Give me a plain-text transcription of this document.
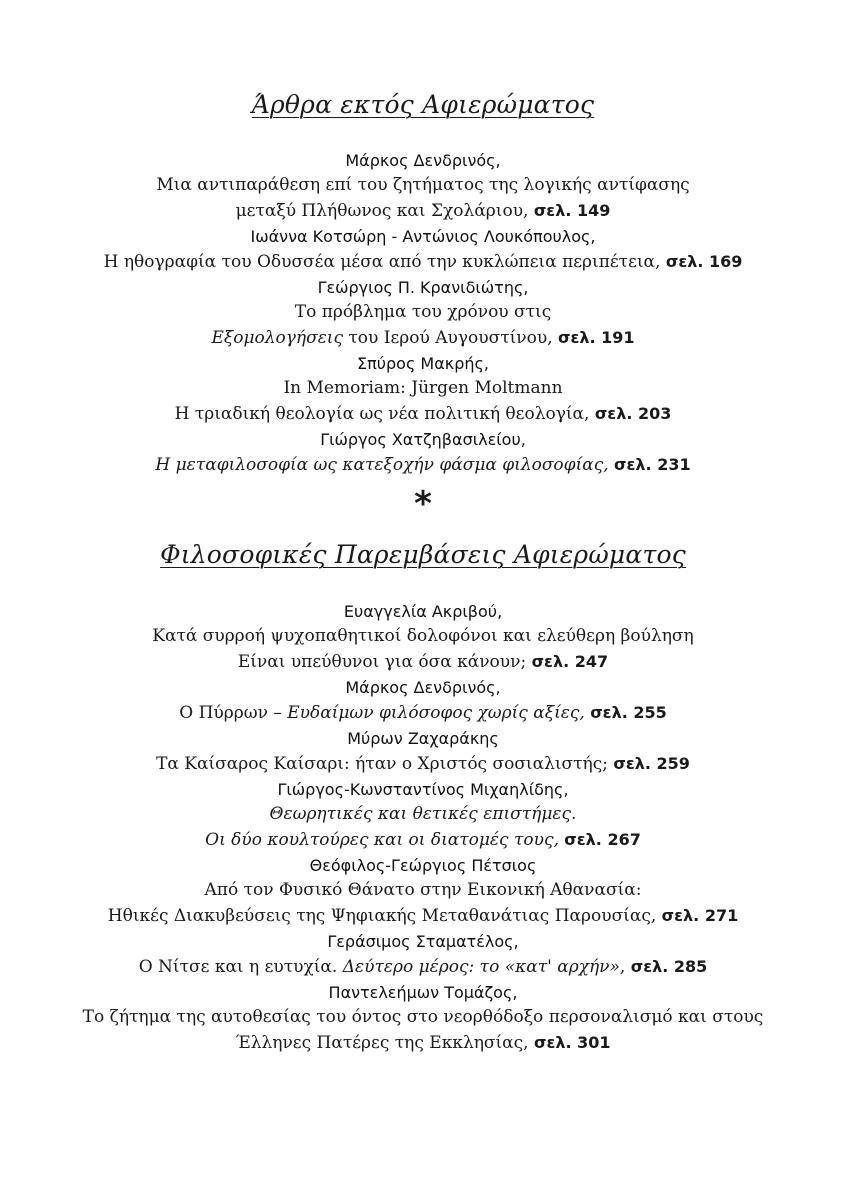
Άρθρα εκτός Αφιερώματος
Μάρκος Δενδρινός,
Μια αντιπαράθεση επί του ζητήματος της λογικής αντίφασης
μεταξύ Πλήθωνος και Σχολάριου, σελ. 149
Ιωάννα Κοτσώρη - Αντώνιος Λουκόπουλος,
Η ηθογραφία του Οδυσσέα μέσα από την κυκλώπεια περιπέτεια, σελ. 169
Γεώργιος Π. Κρανιδιώτης,
Το πρόβλημα του χρόνου στις
Εξομολογήσεις του Ιερού Αυγουστίνου, σελ. 191
Σπύρος Μακρής,
In Memoriam: Jürgen Moltmann
Η τριαδική θεολογία ως νέα πολιτική θεολογία, σελ. 203
Γιώργος Χατζηβασιλείου,
Η μεταφιλοσοφία ως κατεξοχήν φάσμα φιλοσοφίας, σελ. 231
*
Φιλοσοφικές Παρεμβάσεις Αφιερώματος
Ευαγγελία Ακριβού,
Κατά συρροή ψυχοπαθητικοί δολοφόνοι και ελεύθερη βούληση
Είναι υπεύθυνοι για όσα κάνουν; σελ. 247
Μάρκος Δενδρινός,
Ο Πύρρων – Ευδαίμων φιλόσοφος χωρίς αξίες, σελ. 255
Μύρων Ζαχαράκης
Τα Καίσαρος Καίσαρι: ήταν ο Χριστός σοσιαλιστής; σελ. 259
Γιώργος-Κωνσταντίνος Μιχαηλίδης,
Θεωρητικές και θετικές επιστήμες.
Οι δύο κουλτούρες και οι διατομές τους, σελ. 267
Θεόφιλος-Γεώργιος Πέτσιος
Από τον Φυσικό Θάνατο στην Εικονική Αθανασία:
Ηθικές Διακυβεύσεις της Ψηφιακής Μεταθανάτιας Παρουσίας, σελ. 271
Γεράσιμος Σταματέλος,
Ο Νίτσε και η ευτυχία. Δεύτερο μέρος: το «κατ' αρχήν», σελ. 285
Παντελεήμων Τομάζος,
Το ζήτημα της αυτοθεσίας του όντος στο νεορθόδοξο περσοναλισμό και στους
Έλληνες Πατέρες της Εκκλησίας, σελ. 301
